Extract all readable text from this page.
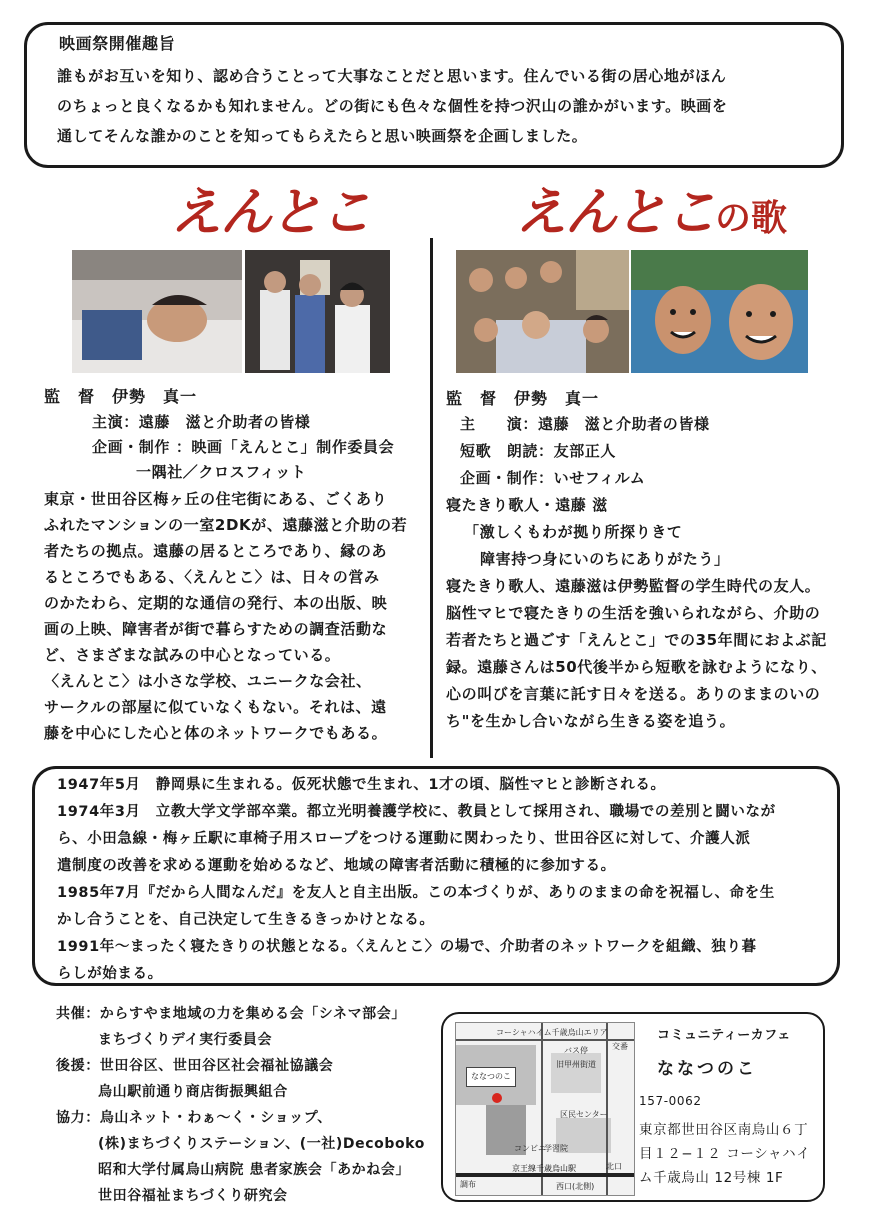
映画祭開催趣旨
誰もがお互いを知り、認め合うことって大事なことだと思います。住んでいる街の居心地がほん
のちょっと良くなるかも知れません。どの街にも色々な個性を持つ沢山の誰かがいます。映画を
通してそんな誰かのことを知ってもらえたらと思い映画祭を企画しました。
えんとこ	えんとこの歌
監　督　伊勢　真一
主演：遠藤　滋と介助者の皆様
企画・制作 ：映画「えんとこ」制作委員会
一隅社／クロスフィット
東京・世田谷区梅ヶ丘の住宅街にある、ごくあり
ふれたマンションの一室2DKが、遠藤滋と介助の若
者たちの拠点。遠藤の居るところであり、縁のあ
るところでもある、〈えんとこ〉は、日々の営み
のかたわら、定期的な通信の発行、本の出版、映
画の上映、障害者が街で暮らすための調査活動な
ど、さまざまな試みの中心となっている。
〈えんとこ〉は小さな学校、ユニークな会社、
サークルの部屋に似ていなくもない。それは、遠
藤を中心にした心と体のネットワークでもある。
監　督　伊勢　真一
主　　演：遠藤　滋と介助者の皆様
短歌　朗読：友部正人
企画・制作：いせフィルム
寝たきり歌人・遠藤 滋
「激しくもわが拠り所探りきて
障害持つ身にいのちにありがたう」
寝たきり歌人、遠藤滋は伊勢監督の学生時代の友人。
脳性マヒで寝たきりの生活を強いられながら、介助の
若者たちと過ごす「えんとこ」での35年間におよぶ記
録。遠藤さんは50代後半から短歌を詠むようになり、
心の叫びを言葉に託す日々を送る。ありのままのいの
ち"を生かし合いながら生きる姿を追う。
1947年5月　静岡県に生まれる。仮死状態で生まれ、1才の頃、脳性マヒと診断される。
1974年3月　立教大学文学部卒業。都立光明養護学校に、教員として採用され、職場での差別と闘いなが
ら、小田急線・梅ヶ丘駅に車椅子用スロープをつける運動に関わったり、世田谷区に対して、介護人派
遣制度の改善を求める運動を始めるなど、地域の障害者活動に積極的に参加する。
1985年7月『だから人間なんだ』を友人と自主出版。この本づくりが、ありのままの命を祝福し、命を生
かし合うことを、自己決定して生きるきっかけとなる。
1991年～まったく寝たきりの状態となる。〈えんとこ〉の場で、介助者のネットワークを組織、独り暮
らしが始まる。
共催：からすやま地域の力を集める会「シネマ部会」
まちづくりデイ実行委員会
後援：世田谷区、世田谷区社会福祉協議会
烏山駅前通り商店街振興組合
協力：烏山ネット・わぁ～く・ショップ、
(株)まちづくりステーション、(一社)Decoboko
昭和大学付属烏山病院 患者家族会「あかね会」
世田谷福祉まちづくり研究会
ななつのこ
コーシャハイム千歳烏山エリア
バス停
旧甲州街道
区民センター
学習院
コンビニ
交番
北口
京王線千歳烏山駅
調布	西口(北側)
コミュニティーカフェ
ななつのこ
157-0062
東京都世田谷区南烏山６丁
目１２−１２ コーシャハイ
ム千歳烏山 12号棟 1F
